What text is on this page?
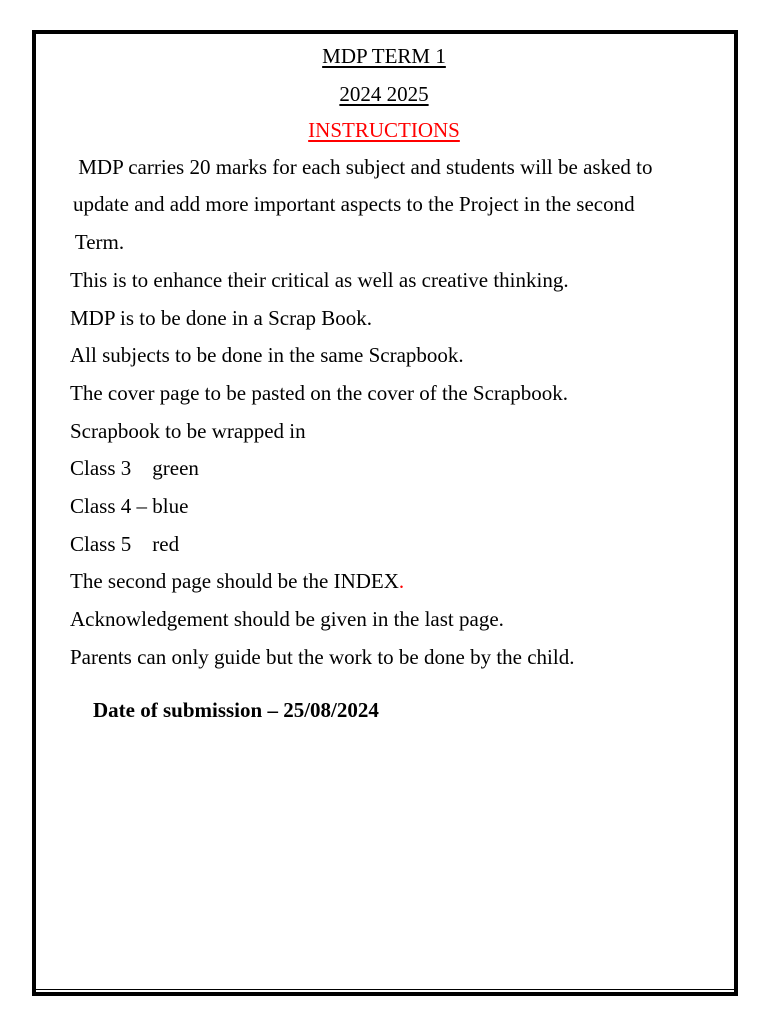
MDP TERM 1
2024 2025
INSTRUCTIONS
MDP carries 20 marks for each subject and students will be asked to
update and add more important aspects to the Project in the second
Term.
This is to enhance their critical as well as creative thinking.
MDP is to be done in a Scrap Book.
All subjects to be done in the same Scrapbook.
The cover page to be pasted on the cover of the Scrapbook.
Scrapbook to be wrapped in
Class 3    green
Class 4 – blue
Class 5    red
The second page should be the INDEX.
Acknowledgement should be given in the last page.
Parents can only guide but the work to be done by the child.
Date of submission – 25/08/2024
